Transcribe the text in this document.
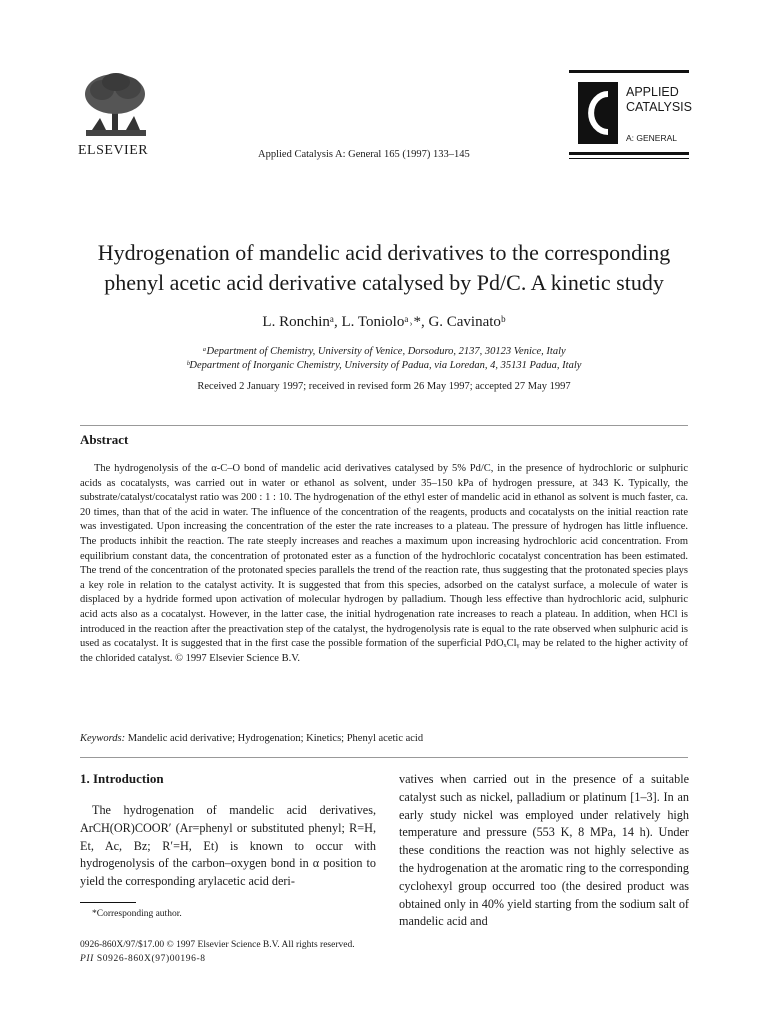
ELSEVIER	Applied Catalysis A: General 165 (1997) 133–145
APPLIED
CATALYSIS
A: GENERAL
Hydrogenation of mandelic acid derivatives to the corresponding
phenyl acetic acid derivative catalysed by Pd/C. A kinetic study
L. Ronchinᵃ, L. Tonioloᵃ˒*, G. Cavinatoᵇ
ᵃDepartment of Chemistry, University of Venice, Dorsoduro, 2137, 30123 Venice, Italy
ᵇDepartment of Inorganic Chemistry, University of Padua, via Loredan, 4, 35131 Padua, Italy
Received 2 January 1997; received in revised form 26 May 1997; accepted 27 May 1997
Abstract
The hydrogenolysis of the α-C–O bond of mandelic acid derivatives catalysed by 5% Pd/C, in the presence of hydrochloric or sulphuric acids as cocatalysts, was carried out in water or ethanol as solvent, under 35–150 kPa of hydrogen pressure, at 343 K. Typically, the substrate/catalyst/cocatalyst ratio was 200 : 1 : 10. The hydrogenation of the ethyl ester of mandelic acid in ethanol as solvent is much faster, ca. 20 times, than that of the acid in water. The influence of the concentration of the reagents, products and cocatalysts on the initial reaction rate was investigated. Upon increasing the concentration of the ester the rate increases to a plateau. The pressure of hydrogen has little influence. The products inhibit the reaction. The rate steeply increases and reaches a maximum upon increasing hydrochloric acid concentration. From equilibrium constant data, the concentration of protonated ester as a function of the hydrochloric cocatalyst concentration has been estimated. The trend of the concentration of the protonated species parallels the trend of the reaction rate, thus suggesting that the protonated species plays a key role in relation to the catalyst activity. It is suggested that from this species, adsorbed on the catalyst surface, a molecule of water is displaced by a hydride formed upon activation of molecular hydrogen by palladium. Though less effective than hydrochloric acid, sulphuric acid acts also as a cocatalyst. However, in the latter case, the initial hydrogenation rate increases to reach a plateau. In addition, when HCl is introduced in the reaction after the preactivation step of the catalyst, the hydrogenolysis rate is equal to the rate observed when sulphuric acid is used as cocatalyst. It is suggested that in the first case the possible formation of the superficial PdOₓClᵧ may be related to the higher activity of the chlorided catalyst. © 1997 Elsevier Science B.V.
Keywords: Mandelic acid derivative; Hydrogenation; Kinetics; Phenyl acetic acid
1. Introduction
The hydrogenation of mandelic acid derivatives, ArCH(OR)COOR′ (Ar=phenyl or substituted phenyl; R=H, Et, Ac, Bz; R′=H, Et) is known to occur with hydrogenolysis of the carbon–oxygen bond in α position to yield the corresponding arylacetic acid deri-
vatives when carried out in the presence of a suitable catalyst such as nickel, palladium or platinum [1–3]. In an early study nickel was employed under relatively high temperature and pressure (553 K, 8 MPa, 14 h). Under these conditions the reaction was not highly selective as the hydrogenation at the aromatic ring to the corresponding cyclohexyl group occurred too (the desired product was obtained only in 40% yield starting from the sodium salt of mandelic acid and
*Corresponding author.
0926-860X/97/$17.00 © 1997 Elsevier Science B.V. All rights reserved.
PII S0926-860X(97)00196-8
